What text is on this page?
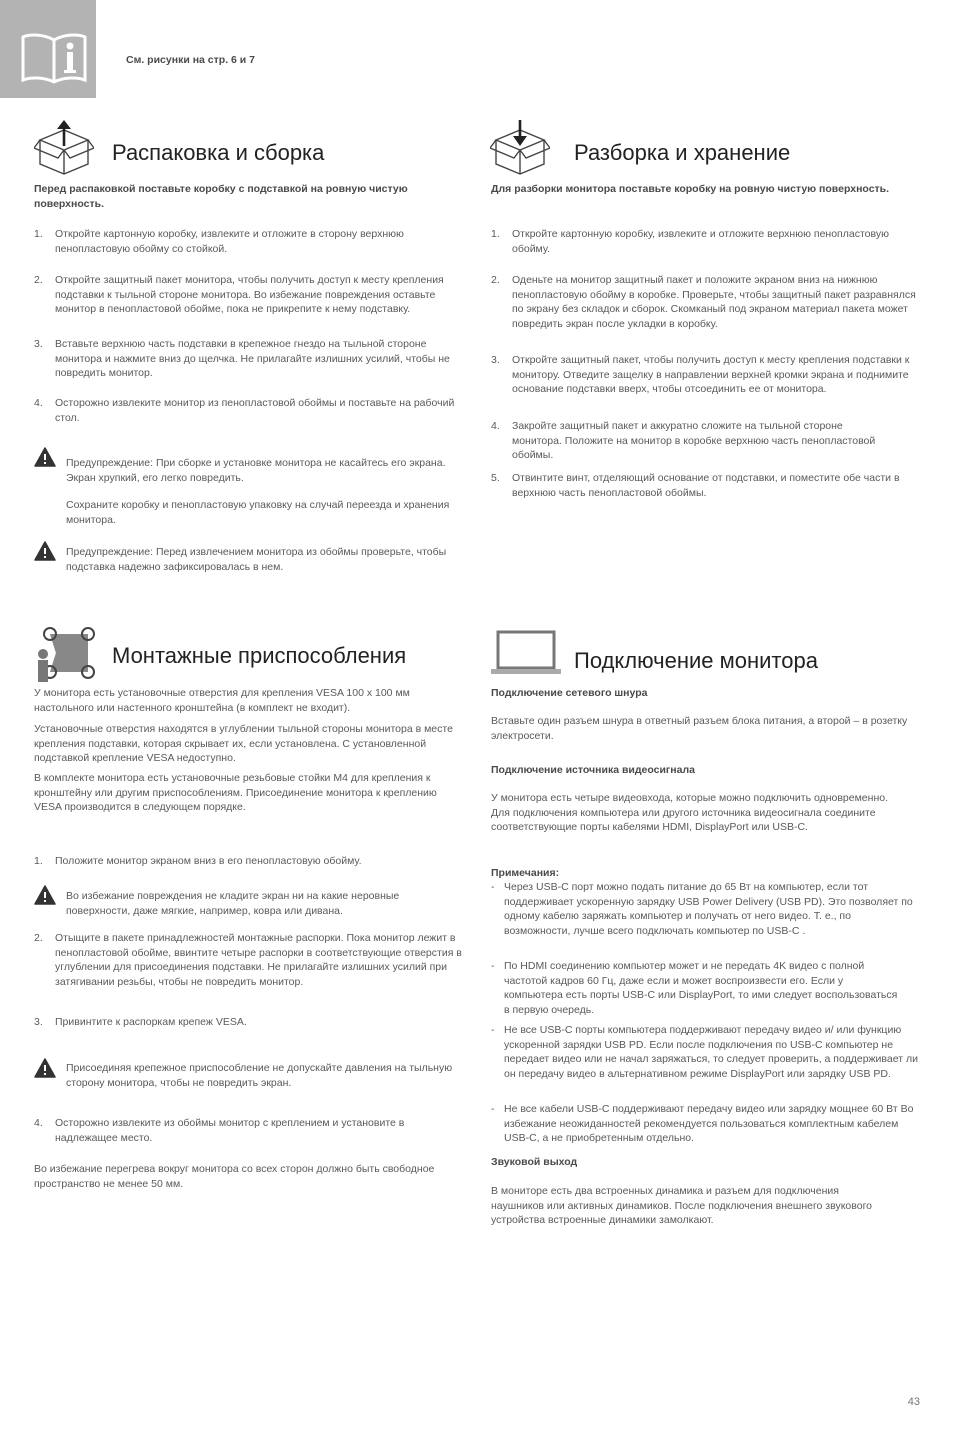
См. рисунки на стр. 6 и 7
Распаковка и сборка

Перед распаковкой поставьте коробку с подставкой на ровную чистую поверхность.

1. Откройте картонную коробку, извлеките и отложите в сторону верхнюю пенопластовую обойму со стойкой.

2. Откройте защитный пакет монитора, чтобы получить доступ к месту крепления подставки к тыльной стороне монитора. Во избежание повреждения оставьте монитор в пенопластовой обойме, пока не прикрепите к нему подставку.

3. Вставьте верхнюю часть подставки в крепежное гнездо на тыльной стороне монитора и нажмите вниз до щелчка. Не прилагайте излишних усилий, чтобы не повредить монитор.

4. Осторожно извлеките монитор из пенопластовой обоймы и поставьте на рабочий стол.

Предупреждение: При сборке и установке монитора не касайтесь его экрана. Экран хрупкий, его легко повредить.

Сохраните коробку и пенопластовую упаковку на случай переезда и хранения монитора.

Предупреждение: Перед извлечением монитора из обоймы проверьте, чтобы подставка надежно зафиксировалась в нем.

Разборка и хранение

Для разборки монитора поставьте коробку на ровную чистую поверхность.

1. Откройте картонную коробку, извлеките и отложите верхнюю пенопластовую обойму.

2. Оденьте на монитор защитный пакет и положите экраном вниз на нижнюю пенопластовую обойму в коробке. Проверьте, чтобы защитный пакет разравнялся по экрану без складок и сборок. Скомканый под экраном материал пакета может повредить экран после укладки в коробку.

3. Откройте защитный пакет, чтобы получить доступ к месту крепления подставки к монитору. Отведите защелку в направлении верхней кромки экрана и поднимите основание подставки вверх, чтобы отсоединить ее от монитора.

4. Закройте защитный пакет и аккуратно сложите на тыльной стороне монитора. Положите на монитор в коробке верхнюю часть пенопластовой обоймы.

5. Отвинтите винт, отделяющий основание от подставки, и поместите обе части в верхнюю часть пенопластовой обоймы.

Монтажные приспособления

У монитора есть установочные отверстия для крепления VESA 100 x 100 мм настольного или настенного кронштейна (в комплект не входит).

Установочные отверстия находятся в углублении тыльной стороны монитора в месте крепления подставки, которая скрывает их, если установлена. С установленной подставкой крепление VESA недоступно.

В комплекте монитора есть установочные резьбовые стойки M4 для крепления к кронштейну или другим приспособлениям. Присоединение монитора к креплению VESA производится в следующем порядке.

1. Положите монитор экраном вниз в его пенопластовую обойму.

Во избежание повреждения не кладите экран ни на какие неровные поверхности, даже мягкие, например, ковра или дивана.

2. Отыщите в пакете принадлежностей монтажные распорки. Пока монитор лежит в пенопластовой обойме, ввинтите четыре распорки в соответствующие отверстия в углублении для присоединения подставки. Не прилагайте излишних усилий при затягивании резьбы, чтобы не повредить монитор.

3. Привинтите к распоркам крепеж VESA.

Присоединяя крепежное приспособление не допускайте давления на тыльную сторону монитора, чтобы не повредить экран.

4. Осторожно извлеките из обоймы монитор с креплением и установите в надлежащее место.

Во избежание перегрева вокруг монитора со всех сторон должно быть свободное пространство не менее 50 мм.

Подключение монитора

Подключение сетевого шнура

Вставьте один разъем шнура в ответный разъем блока питания, а второй – в розетку электросети.

Подключение источника видеосигнала

У монитора есть четыре видеовхода, которые можно подключить одновременно. Для подключения компьютера или другого источника видеосигнала соедините соответствующие порты кабелями HDMI, DisplayPort или USB-C.

Примечания:

- Через USB-C порт можно подать питание до 65 Вт на компьютер, если тот поддерживает ускоренную зарядку USB Power Delivery (USB PD). Это позволяет по одному кабелю заряжать компьютер и получать от него видео. Т. е., по возможности, лучше всего подключать компьютер по USB-C .

- По HDMI соединению компьютер может и не передать 4K видео с полной частотой кадров 60 Гц, даже если и может воспроизвести его. Если у компьютера есть порты USB-C или DisplayPort, то ими следует воспользоваться в первую очередь.

- Не все USB-C порты компьютера поддерживают передачу видео и/ или функцию ускоренной зарядки USB PD. Если после подключения по USB-C компьютер не передает видео или не начал заряжаться, то следует проверить, а поддерживает ли он передачу видео в альтернативном режиме DisplayPort или зарядку USB PD.

- Не все кабели USB-C поддерживают передачу видео или зарядку мощнее 60 Вт Во избежание неожиданностей рекомендуется пользоваться комплектным кабелем USB-C, а не приобретенным отдельно.

Звуковой выход

В мониторе есть два встроенных динамика и разъем для подключения наушников или активных динамиков. После подключения внешнего звукового устройства встроенные динамики замолкают.

43
